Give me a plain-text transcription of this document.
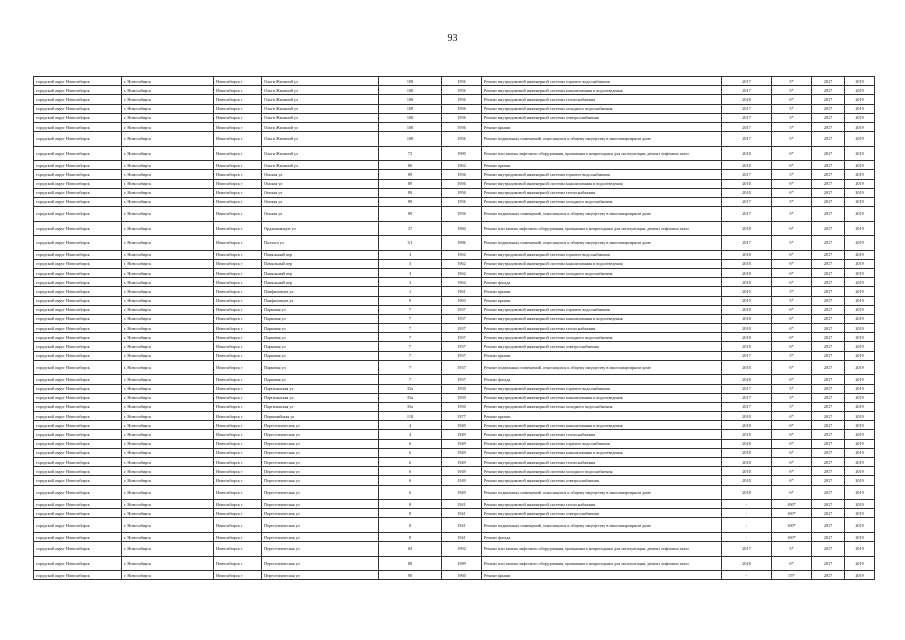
93
городской округ Новосибирск	г. Новосибирск	Новосибирск г	Ольги Жилиной ул	108	1956	Ремонт внутридомовой инженерной системы горячего водоснабжения	2017	5*	2017	2019
городской округ Новосибирск	г. Новосибирск	Новосибирск г	Ольги Жилиной ул	108	1956	Ремонт внутридомовой инженерной системы канализования и водоотведения	2017	5*	2017	2019
городской округ Новосибирск	г. Новосибирск	Новосибирск г	Ольги Жилиной ул	108	1956	Ремонт внутридомовой инженерной системы теплоснабжения	2018	6*	2017	2019
городской округ Новосибирск	г. Новосибирск	Новосибирск г	Ольги Жилиной ул	108	1956	Ремонт внутридомовой инженерной системы холодного водоснабжения	2017	5*	2017	2019
городской округ Новосибирск	г. Новосибирск	Новосибирск г	Ольги Жилиной ул	108	1956	Ремонт внутридомовой инженерной системы электроснабжения	2017	5*	2017	2019
городской округ Новосибирск	г. Новосибирск	Новосибирск г	Ольги Жилиной ул	108	1956	Ремонт крыши	2017	5*	2017	2019
городской округ Новосибирск	г. Новосибирск	Новосибирск г	Ольги Жилиной ул	108	1956	Ремонт подвальных помещений, относящихся к общему имуществу в многоквартирном доме	2017	5*	2017	2019
городской округ Новосибирск	г. Новосибирск	Новосибирск г	Ольги Жилиной ул	73	1990	Ремонт или замена лифтового оборудования, признанного непригодным для эксплуатации, ремонт лифтовых шахт	2018	6*	2017	2019
городской округ Новосибирск	г. Новосибирск	Новосибирск г	Ольги Жилиной ул	86	1962	Ремонт крыши	2018	6*	2017	2019
городской округ Новосибирск	г. Новосибирск	Новосибирск г	Омская ул	89	1956	Ремонт внутридомовой инженерной системы горячего водоснабжения	2017	5*	2017	2019
городской округ Новосибирск	г. Новосибирск	Новосибирск г	Омская ул	89	1956	Ремонт внутридомовой инженерной системы канализования и водоотведения	2018	6*	2017	2019
городской округ Новосибирск	г. Новосибирск	Новосибирск г	Омская ул	89	1956	Ремонт внутридомовой инженерной системы теплоснабжения	2018	6*	2017	2019
городской округ Новосибирск	г. Новосибирск	Новосибирск г	Омская ул	89	1956	Ремонт внутридомовой инженерной системы холодного водоснабжения	2017	5*	2017	2019
городской округ Новосибирск	г. Новосибирск	Новосибирск г	Омская ул	89	1956	Ремонт подвальных помещений, относящихся к общему имуществу в многоквартирном доме	2017	5*	2017	2019
городской округ Новосибирск	г. Новосибирск	Новосибирск г	Орджоникидзе ул	37	1984	Ремонт или замена лифтового оборудования, признанного непригодным для эксплуатации, ремонт лифтовых шахт	2018	6*	2017	2019
городской округ Новосибирск	г. Новосибирск	Новосибирск г	Палласа ул	3/1	1986	Ремонт подвальных помещений, относящихся к общему имуществу в многоквартирном доме	2017	5*	2017	2019
городской округ Новосибирск	г. Новосибирск	Новосибирск г	Памяльный пер	3	1962	Ремонт внутридомовой инженерной системы горячего водоснабжения	2018	6*	2017	2019
городской округ Новосибирск	г. Новосибирск	Новосибирск г	Памяльный пер	3	1962	Ремонт внутридомовой инженерной системы канализования и водоотведения	2018	6*	2017	2019
городской округ Новосибирск	г. Новосибирск	Новосибирск г	Памяльный пер	3	1962	Ремонт внутридомовой инженерной системы холодного водоснабжения	2018	6*	2017	2019
городской округ Новосибирск	г. Новосибирск	Новосибирск г	Памяльный пер	3	1962	Ремонт фасада	2018	6*	2017	2019
городской округ Новосибирск	г. Новосибирск	Новосибирск г	Панфиловцев ул	1	1961	Ремонт крыши	2019	5*	2017	2019
городской округ Новосибирск	г. Новосибирск	Новосибирск г	Панфиловцев ул	9	1963	Ремонт крыши	2019	5*	2017	2019
городской округ Новосибирск	г. Новосибирск	Новосибирск г	Парковая ул	7	1937	Ремонт внутридомовой инженерной системы горячего водоснабжения	2018	6*	2017	2019
городской округ Новосибирск	г. Новосибирск	Новосибирск г	Парковая ул	7	1937	Ремонт внутридомовой инженерной системы канализования и водоотведения	2018	6*	2017	2019
городской округ Новосибирск	г. Новосибирск	Новосибирск г	Парковая ул	7	1937	Ремонт внутридомовой инженерной системы теплоснабжения	2018	6*	2017	2019
городской округ Новосибирск	г. Новосибирск	Новосибирск г	Парковая ул	7	1937	Ремонт внутридомовой инженерной системы холодного водоснабжения	2018	6*	2017	2019
городской округ Новосибирск	г. Новосибирск	Новосибирск г	Парковая ул	7	1937	Ремонт внутридомовой инженерной системы электроснабжения	2018	6*	2017	2019
городской округ Новосибирск	г. Новосибирск	Новосибирск г	Парковая ул	7	1937	Ремонт крыши	2017	5*	2017	2019
городской округ Новосибирск	г. Новосибирск	Новосибирск г	Парковая ул	7	1937	Ремонт подвальных помещений, относящихся к общему имуществу в многоквартирном доме	2018	6*	2017	2019
городской округ Новосибирск	г. Новосибирск	Новосибирск г	Парковая ул	7	1937	Ремонт фасада	2018	6*	2017	2019
городской округ Новосибирск	г. Новосибирск	Новосибирск г	Партизанская ул	35а	1950	Ремонт внутридомовой инженерной системы горячего водоснабжения	2017	5*	2017	2019
городской округ Новосибирск	г. Новосибирск	Новосибирск г	Партизанская ул	35а	1950	Ремонт внутридомовой инженерной системы канализования и водоотведения	2017	5*	2017	2019
городской округ Новосибирск	г. Новосибирск	Новосибирск г	Партизанская ул	35а	1950	Ремонт внутридомовой инженерной системы холодного водоснабжения	2017	5*	2017	2019
городской округ Новосибирск	г. Новосибирск	Новосибирск г	Первомайская ул	118	1977	Ремонт крыши	2018	6*	2017	2019
городской округ Новосибирск	г. Новосибирск	Новосибирск г	Переселенческая ул	4	1949	Ремонт внутридомовой инженерной системы канализования и водоотведения	2018	6*	2017	2019
городской округ Новосибирск	г. Новосибирск	Новосибирск г	Переселенческая ул	4	1949	Ремонт внутридомовой инженерной системы теплоснабжения	2018	6*	2017	2019
городской округ Новосибирск	г. Новосибирск	Новосибирск г	Переселенческая ул	6	1949	Ремонт внутридомовой инженерной системы горячего водоснабжения	2018	6*	2017	2019
городской округ Новосибирск	г. Новосибирск	Новосибирск г	Переселенческая ул	6	1949	Ремонт внутридомовой инженерной системы канализования и водоотведения	2018	6*	2017	2019
городской округ Новосибирск	г. Новосибирск	Новосибирск г	Переселенческая ул	6	1949	Ремонт внутридомовой инженерной системы теплоснабжения	2018	6*	2017	2019
городской округ Новосибирск	г. Новосибирск	Новосибирск г	Переселенческая ул	6	1949	Ремонт внутридомовой инженерной системы холодного водоснабжения	2018	6*	2017	2019
городской округ Новосибирск	г. Новосибирск	Новосибирск г	Переселенческая ул	6	1949	Ремонт внутридомовой инженерной системы электроснабжения	2018	6*	2017	2019
городской округ Новосибирск	г. Новосибирск	Новосибирск г	Переселенческая ул	6	1949	Ремонт подвальных помещений, относящихся к общему имуществу в многоквартирном доме	2018	6*	2017	2019
городской округ Новосибирск	г. Новосибирск	Новосибирск г	Переселенческая ул	8	1941	Ремонт внутридомовой инженерной системы теплоснабжения	-	100*	2017	2019
городской округ Новосибирск	г. Новосибирск	Новосибирск г	Переселенческая ул	8	1941	Ремонт внутридомовой инженерной системы электроснабжения	-	100*	2017	2019
городской округ Новосибирск	г. Новосибирск	Новосибирск г	Переселенческая ул	8	1941	Ремонт подвальных помещений, относящихся к общему имуществу в многоквартирном доме	-	100*	2017	2019
городской округ Новосибирск	г. Новосибирск	Новосибирск г	Переселенческая ул	8	1941	Ремонт фасада	-	100*	2017	2019
городской округ Новосибирск	г. Новосибирск	Новосибирск г	Переселенческая ул	84	1992	Ремонт или замена лифтового оборудования, признанного непригодным для эксплуатации, ремонт лифтовых шахт	2017	5*	2017	2019
городской округ Новосибирск	г. Новосибирск	Новосибирск г	Переселенческая ул	88	1989	Ремонт или замена лифтового оборудования, признанного непригодным для эксплуатации, ремонт лифтовых шахт	2018	6*	2017	2019
городской округ Новосибирск	г. Новосибирск	Новосибирск г	Переселенческая ул	90	1960	Ремонт крыши	-	55*	2017	2019
